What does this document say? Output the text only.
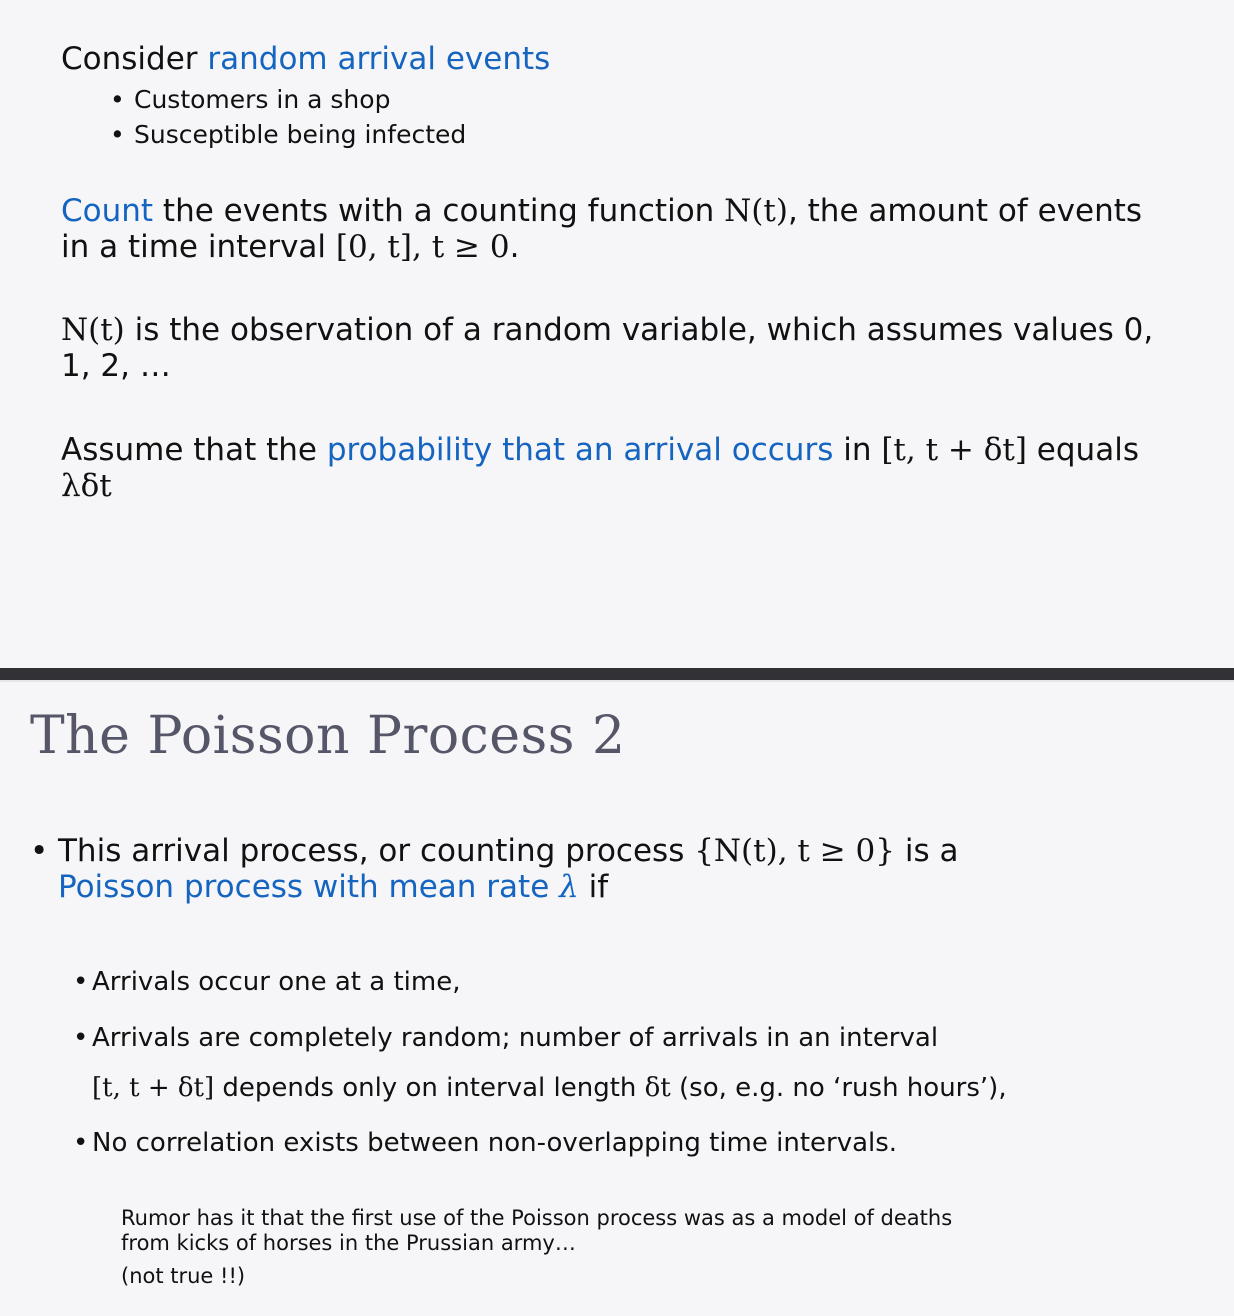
Consider random arrival events

• Customers in a shop
• Susceptible being infected

Count the events with a counting function N(t), the amount of events

in a time interval [0, t], t ≥ 0.

N(t) is the observation of a random variable, which assumes values 0,

1, 2, …

Assume that the probability that an arrival occurs in [t, t + δt] equals

λδt

The Poisson Process 2
• This arrival process, or counting process {N(t), t ≥ 0} is a
Poisson process with mean rate λ if
• Arrivals occur one at a time,
• Arrivals are completely random; number of arrivals in an interval
[t, t + δt] depends only on interval length δt (so, e.g. no ‘rush hours’),
• No correlation exists between non-overlapping time intervals.
Rumor has it that the first use of the Poisson process was as a model of deaths
from kicks of horses in the Prussian army…
(not true !!)
